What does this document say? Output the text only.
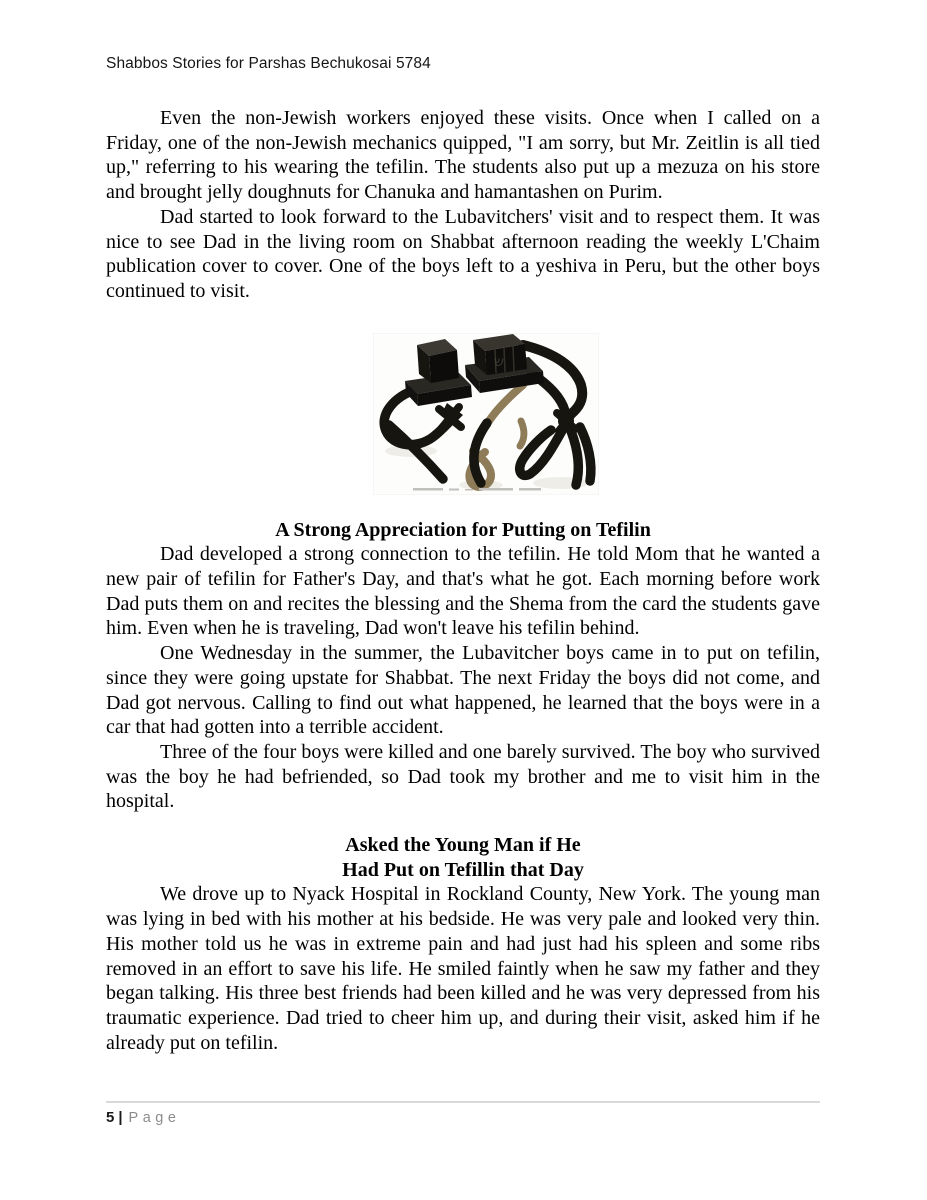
Shabbos Stories for Parshas Bechukosai 5784

Even the non-Jewish workers enjoyed these visits. Once when I called on a Friday, one of the non-Jewish mechanics quipped, "I am sorry, but Mr. Zeitlin is all tied up," referring to his wearing the tefilin. The students also put up a mezuza on his store and brought jelly doughnuts for Chanuka and hamantashen on Purim.

Dad started to look forward to the Lubavitchers' visit and to respect them. It was nice to see Dad in the living room on Shabbat afternoon reading the weekly L'Chaim publication cover to cover. One of the boys left to a yeshiva in Peru, but the other boys continued to visit.

ש
A Strong Appreciation for Putting on Tefilin

Dad developed a strong connection to the tefilin. He told Mom that he wanted a new pair of tefilin for Father's Day, and that's what he got. Each morning before work Dad puts them on and recites the blessing and the Shema from the card the students gave him. Even when he is traveling, Dad won't leave his tefilin behind.

One Wednesday in the summer, the Lubavitcher boys came in to put on tefilin, since they were going upstate for Shabbat. The next Friday the boys did not come, and Dad got nervous. Calling to find out what happened, he learned that the boys were in a car that had gotten into a terrible accident.

Three of the four boys were killed and one barely survived. The boy who survived was the boy he had befriended, so Dad took my brother and me to visit him in the hospital.

Asked the Young Man if He
Had Put on Tefillin that Day

We drove up to Nyack Hospital in Rockland County, New York. The young man was lying in bed with his mother at his bedside. He was very pale and looked very thin. His mother told us he was in extreme pain and had just had his spleen and some ribs removed in an effort to save his life. He smiled faintly when he saw my father and they began talking. His three best friends had been killed and he was very depressed from his traumatic experience. Dad tried to cheer him up, and during their visit, asked him if he already put on tefilin.

5 | Page
